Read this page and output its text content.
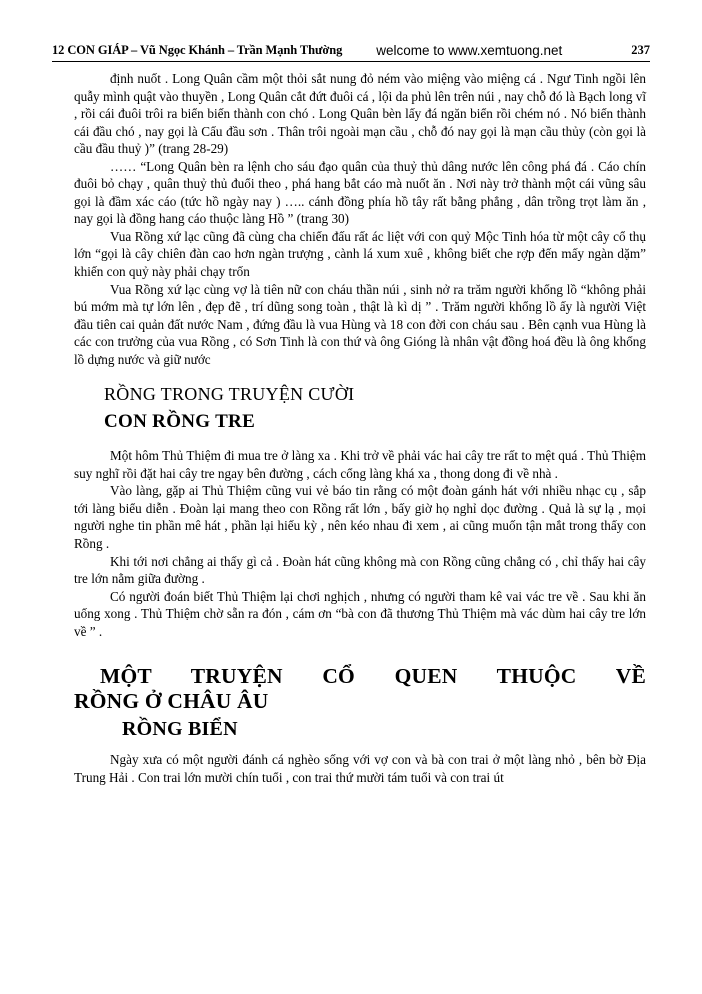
12 CON GIÁP – Vũ Ngọc Khánh – Trần Mạnh Thường	welcome to www.xemtuong.net	237

định nuốt . Long Quân cầm một thỏi sắt nung đỏ ném vào miệng vào miệng cá . Ngư Tinh ngồi lên quẫy mình quật vào thuyền , Long Quân cắt đứt đuôi cá , lội da phủ lên trên núi , nay chỗ đó là Bạch long vĩ , rồi cái đuôi trôi ra biển biến thành con chó . Long Quân bèn lấy đá ngăn biển rồi chém nó . Nó biến thành cái đầu chó , nay gọi là Cẩu đầu sơn . Thân trôi ngoài mạn cầu , chỗ đó nay gọi là mạn cầu thủy (còn gọi là cầu đầu thuỷ )” (trang 28-29)

…… “Long Quân bèn ra lệnh cho sáu đạo quân của thuỷ thủ dâng nước lên công phá đá . Cáo chín đuôi bỏ chạy , quân thuỷ thủ đuổi theo , phá hang bắt cáo mà nuốt ăn . Nơi này trở thành một cái vũng sâu gọi là đầm xác cáo (tức hồ ngày nay ) ….. cánh đồng phía hồ tây rất bằng phẳng , dân trồng trọt làm ăn , nay gọi là đồng hang cáo thuộc làng Hồ ” (trang 30)

Vua Rồng xứ lạc cũng đã cùng cha chiến đấu rất ác liệt với con quỷ Mộc Tinh hóa từ một cây cổ thụ lớn “gọi là cây chiên đàn cao hơn ngàn trượng , cành lá xum xuê , không biết che rợp đến mấy ngàn dặm” khiến con quỷ này phải chạy trốn

Vua Rồng xứ lạc cùng vợ là tiên nữ con cháu thần núi , sinh nở ra trăm người khổng lồ “không phải bú mớm mà tự lớn lên , đẹp đẽ , trí dũng song toàn , thật là kì dị ” . Trăm người khổng lồ ấy là người Việt đầu tiên cai quản đất nước Nam , đứng đầu là vua Hùng và 18 con đời con cháu sau . Bên cạnh vua Hùng là các con trưởng của vua Rồng , có Sơn Tinh là con thứ và ông Gióng là nhân vật đồng hoá đều là ông khổng lồ dựng nước và giữ nước

RỒNG TRONG TRUYỆN CƯỜI
CON RỒNG TRE

Một hôm Thủ Thiệm đi mua tre ở làng xa . Khi trở về phải vác hai cây tre rất to mệt quá . Thủ Thiệm suy nghĩ rồi đặt hai cây tre ngay bên đường , cách cổng làng khá xa , thong dong đi về nhà .

Vào làng, gặp ai Thủ Thiệm cũng vui vẻ báo tin rằng có một đoàn gánh hát với nhiều nhạc cụ , sắp tới làng biểu diễn . Đoàn lại mang theo con Rồng rất lớn , bấy giờ họ nghỉ dọc đường . Quả là sự lạ , mọi người nghe tin phần mê hát , phần lại hiếu kỳ , nên kéo nhau đi xem , ai cũng muốn tận mắt trong thấy con Rồng .

Khi tới nơi chẳng ai thấy gì cả . Đoàn hát cũng không mà con Rồng cũng chẳng có , chỉ thấy hai cây tre lớn nằm giữa đường .

Có người đoán biết Thủ Thiệm lại chơi nghịch , nhưng có người tham kê vai vác tre về . Sau khi ăn uống xong . Thủ Thiệm chờ sẵn ra đón , cám ơn “bà con đã thương Thủ Thiệm mà vác dùm hai cây tre lớn về ” .

MỘT TRUYỆN CỔ QUEN THUỘC VỀ
RỒNG Ở CHÂU ÂU
RỒNG BIỂN

Ngày xưa có một người đánh cá nghèo sống với vợ con và bà con trai ở một làng nhỏ , bên bờ Địa Trung Hải . Con trai lớn mười chín tuổi , con trai thứ mười tám tuổi và con trai út
